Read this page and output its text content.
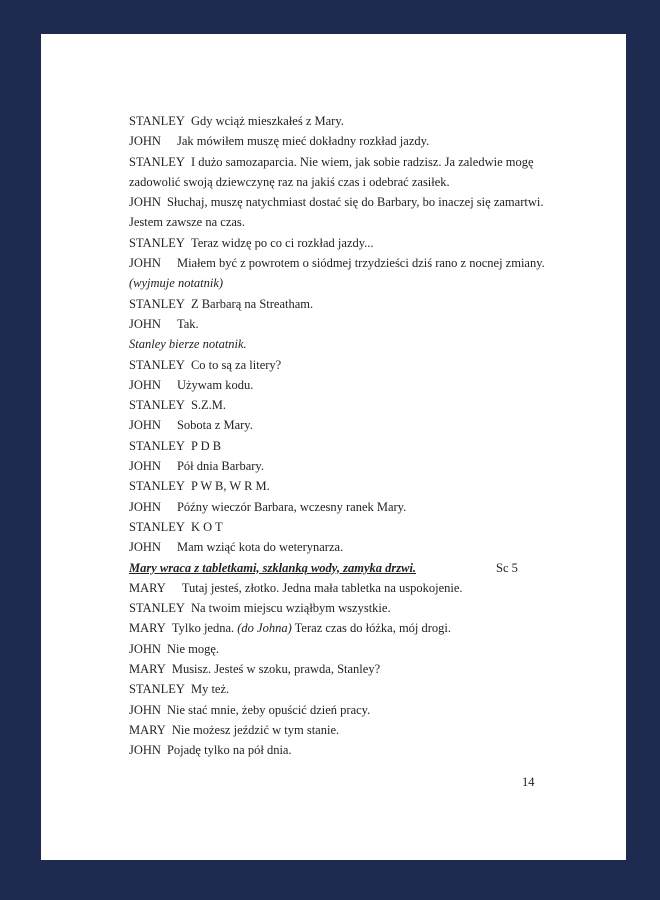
STANLEY Gdy wciąż mieszkałeś z Mary.
JOHN Jak mówiłem muszę mieć dokładny rozkład jazdy.
STANLEY I dużo samozaparcia. Nie wiem, jak sobie radzisz. Ja zaledwie mogę
zadowolić swoją dziewczynę raz na jakiś czas i odebrać zasiłek.
JOHN Słuchaj, muszę natychmiast dostać się do Barbary, bo inaczej się zamartwi.
Jestem zawsze na czas.
STANLEY Teraz widzę po co ci rozkład jazdy...
JOHN Miałem być z powrotem o siódmej trzydzieści dziś rano z nocnej zmiany.
(wyjmuje notatnik)
STANLEY Z Barbarą na Streatham.
JOHN Tak.
Stanley bierze notatnik.
STANLEY Co to są za litery?
JOHN Używam kodu.
STANLEY S.Z.M.
JOHN Sobota z Mary.
STANLEY P D B
JOHN Pół dnia Barbary.
STANLEY P W B, W R M.
JOHN Późny wieczór Barbara, wczesny ranek Mary.
STANLEY K O T
JOHN Mam wziąć kota do weterynarza.
Mary wraca z tabletkami, szklanką wody, zamyka drzwi.	Sc 5
MARY Tutaj jesteś, złotko. Jedna mała tabletka na uspokojenie.
STANLEY Na twoim miejscu wziąłbym wszystkie.
MARY Tylko jedna. (do Johna) Teraz czas do łóżka, mój drogi.
JOHN Nie mogę.
MARY Musisz. Jesteś w szoku, prawda, Stanley?
STANLEY My też.
JOHN Nie stać mnie, żeby opuścić dzień pracy.
MARY Nie możesz jeździć w tym stanie.
JOHN Pojadę tylko na pół dnia.
14
